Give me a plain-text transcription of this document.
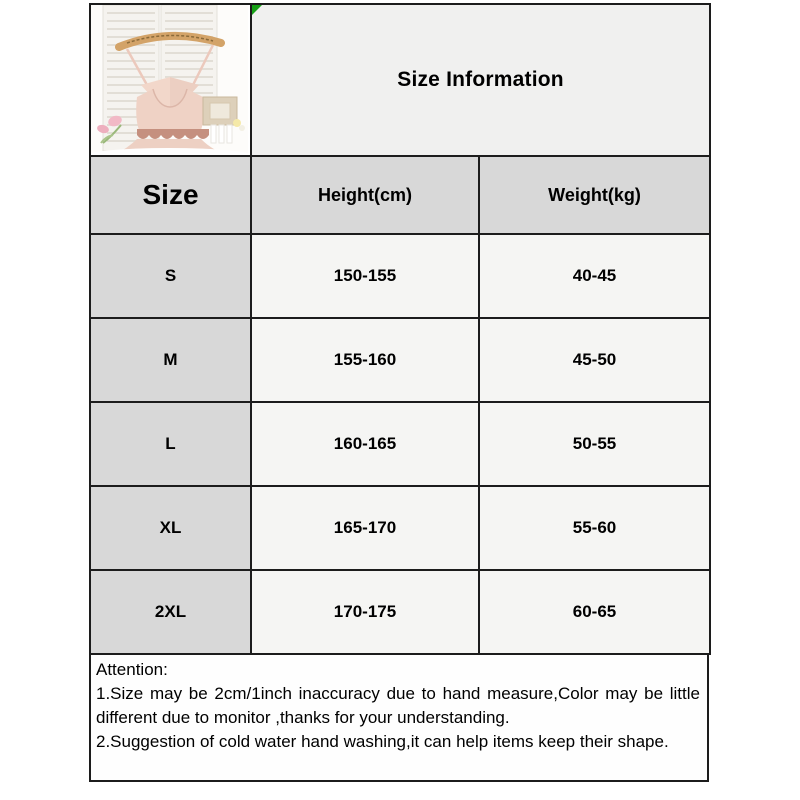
Size Information	
Size	Height(cm)	Weight(kg)
S	150-155	40-45
M	155-160	45-50
L	160-165	50-55
XL	165-170	55-60
2XL	170-175	60-65

Attention:

1.Size may be 2cm/1inch inaccuracy due to hand measure,Color may be little different due to monitor ,thanks for your understanding.

2.Suggestion of cold water hand washing,it can help items keep their shape.
